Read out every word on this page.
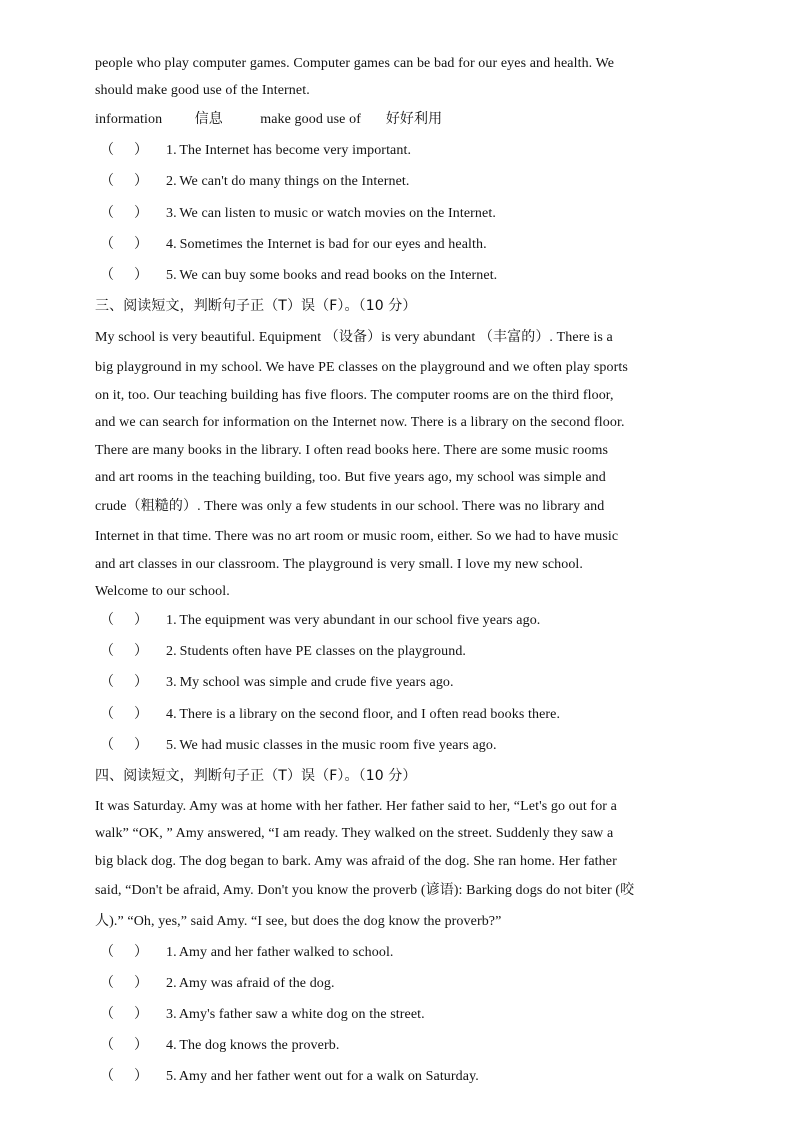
people who play computer games. Computer games can be bad for our eyes and health. We
should make good use of the Internet.
information 信息	make good use of 好好利用
（ ） 1. The Internet has become very important.
（ ） 2. We can't do many things on the Internet.
（ ） 3. We can listen to music or watch movies on the Internet.
（ ） 4. Sometimes the Internet is bad for our eyes and health.
（ ） 5. We can buy some books and read books on the Internet.
三、阅读短文，判断句子正（T）误（F）。（10 分）
My school is very beautiful. Equipment （设备）is very abundant （丰富的）. There is a
big playground in my school. We have PE classes on the playground and we often play sports
on it, too. Our teaching building has five floors. The computer rooms are on the third floor,
and we can search for information on the Internet now. There is a library on the second floor.
There are many books in the library. I often read books here. There are some music rooms
and art rooms in the teaching building, too. But five years ago, my school was simple and
crude（粗糙的）. There was only a few students in our school. There was no library and
Internet in that time. There was no art room or music room, either. So we had to have music
and art classes in our classroom. The playground is very small. I love my new school.
Welcome to our school.
（ ） 1. The equipment was very abundant in our school five years ago.
（ ） 2. Students often have PE classes on the playground.
（ ） 3. My school was simple and crude five years ago.
（ ） 4. There is a library on the second floor, and I often read books there.
（ ） 5. We had music classes in the music room five years ago.
四、阅读短文，判断句子正（T）误（F）。（10 分）
It was Saturday. Amy was at home with her father. Her father said to her, “Let's go out for a
walk” “OK, ” Amy answered, “I am ready. They walked on the street. Suddenly they saw a
big black dog. The dog began to bark. Amy was afraid of the dog. She ran home. Her father
said, “Don't be afraid, Amy. Don't you know the proverb (谚语): Barking dogs do not biter (咬
人).” “Oh, yes,” said Amy. “I see, but does the dog know the proverb?”
（ ） 1. Amy and her father walked to school.
（ ） 2. Amy was afraid of the dog.
（ ） 3. Amy's father saw a white dog on the street.
（ ） 4. The dog knows the proverb.
（ ） 5. Amy and her father went out for a walk on Saturday.
